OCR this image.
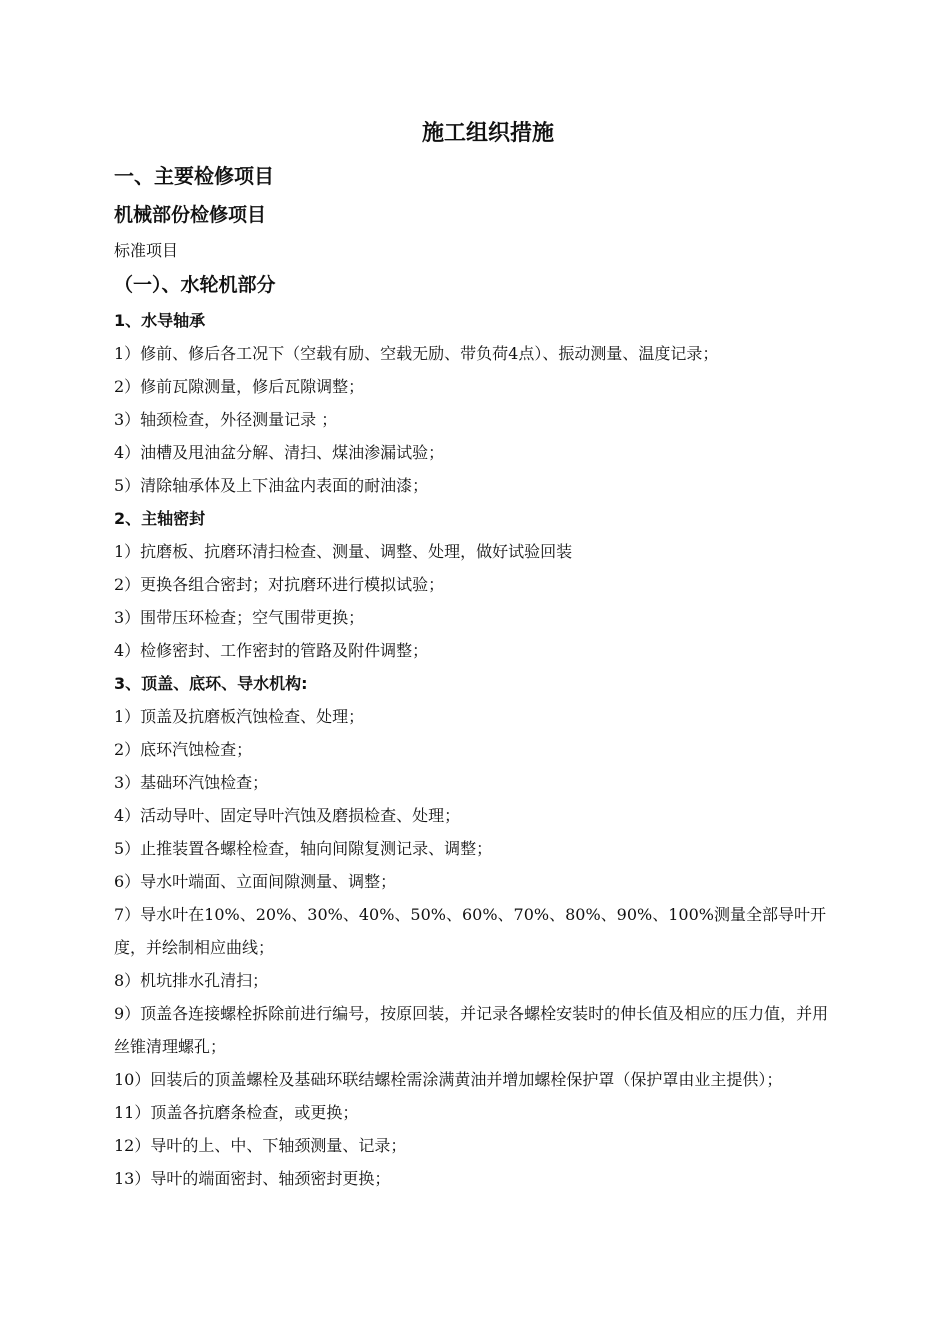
施工组织措施
一、主要检修项目
机械部份检修项目
标准项目
（一）、水轮机部分
1、水导轴承
1）修前、修后各工况下（空载有励、空载无励、带负荷4点）、振动测量、温度记录；
2）修前瓦隙测量，修后瓦隙调整；
3）轴颈检查，外径测量记录 ；
4）油槽及甩油盆分解、清扫、煤油渗漏试验；
5）清除轴承体及上下油盆内表面的耐油漆；
2、主轴密封
1）抗磨板、抗磨环清扫检查、测量、调整、处理，做好试验回装
2）更换各组合密封；对抗磨环进行模拟试验；
3）围带压环检查；空气围带更换；
4）检修密封、工作密封的管路及附件调整；
3、顶盖、底环、导水机构:
1）顶盖及抗磨板汽蚀检查、处理；
2）底环汽蚀检查；
3）基础环汽蚀检查；
4）活动导叶、固定导叶汽蚀及磨损检查、处理；
5）止推装置各螺栓检查，轴向间隙复测记录、调整；
6）导水叶端面、立面间隙测量、调整；
7）导水叶在10%、20%、30%、40%、50%、60%、70%、80%、90%、100%测量全部导叶开度，并绘制相应曲线；
8）机坑排水孔清扫；
9）顶盖各连接螺栓拆除前进行编号，按原回装，并记录各螺栓安装时的伸长值及相应的压力值，并用丝锥清理螺孔；
10）回装后的顶盖螺栓及基础环联结螺栓需涂满黄油并增加螺栓保护罩（保护罩由业主提供）；
11）顶盖各抗磨条检查，或更换；
12）导叶的上、中、下轴颈测量、记录；
13）导叶的端面密封、轴颈密封更换；
